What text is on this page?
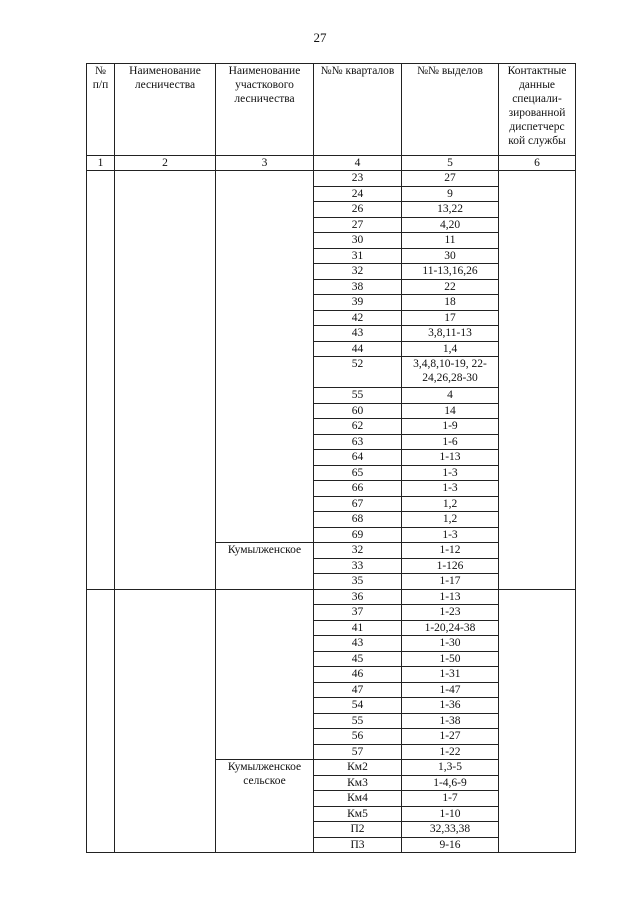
27
№ п/п	Наименование лесничества	Наименование участкового лесничества	№№ кварталов	№№ выделов	Контактные данные специали- зированной диспетчерс кой службы
1	2	3	4	5	6
			23	27	
			24	9	
			26	13,22	
			27	4,20	
			30	11	
			31	30	
			32	11-13,16,26	
			38	22	
			39	18	
			42	17	
			43	3,8,11-13	
			44	1,4	
			52	3,4,8,10-19, 22-24,26,28-30	
			55	4	
			60	14	
			62	1-9	
			63	1-6	
			64	1-13	
			65	1-3	
			66	1-3	
			67	1,2	
			68	1,2	
			69	1-3	
		Кумылженское	32	1-12	
			33	1-126	
			35	1-17	
			36	1-13	
			37	1-23	
			41	1-20,24-38	
			43	1-30	
			45	1-50	
			46	1-31	
			47	1-47	
			54	1-36	
			55	1-38	
			56	1-27	
			57	1-22	
		Кумылженское сельское	Км2	1,3-5	
			Км3	1-4,6-9	
			Км4	1-7	
			Км5	1-10	
			П2	32,33,38	
			П3	9-16	
